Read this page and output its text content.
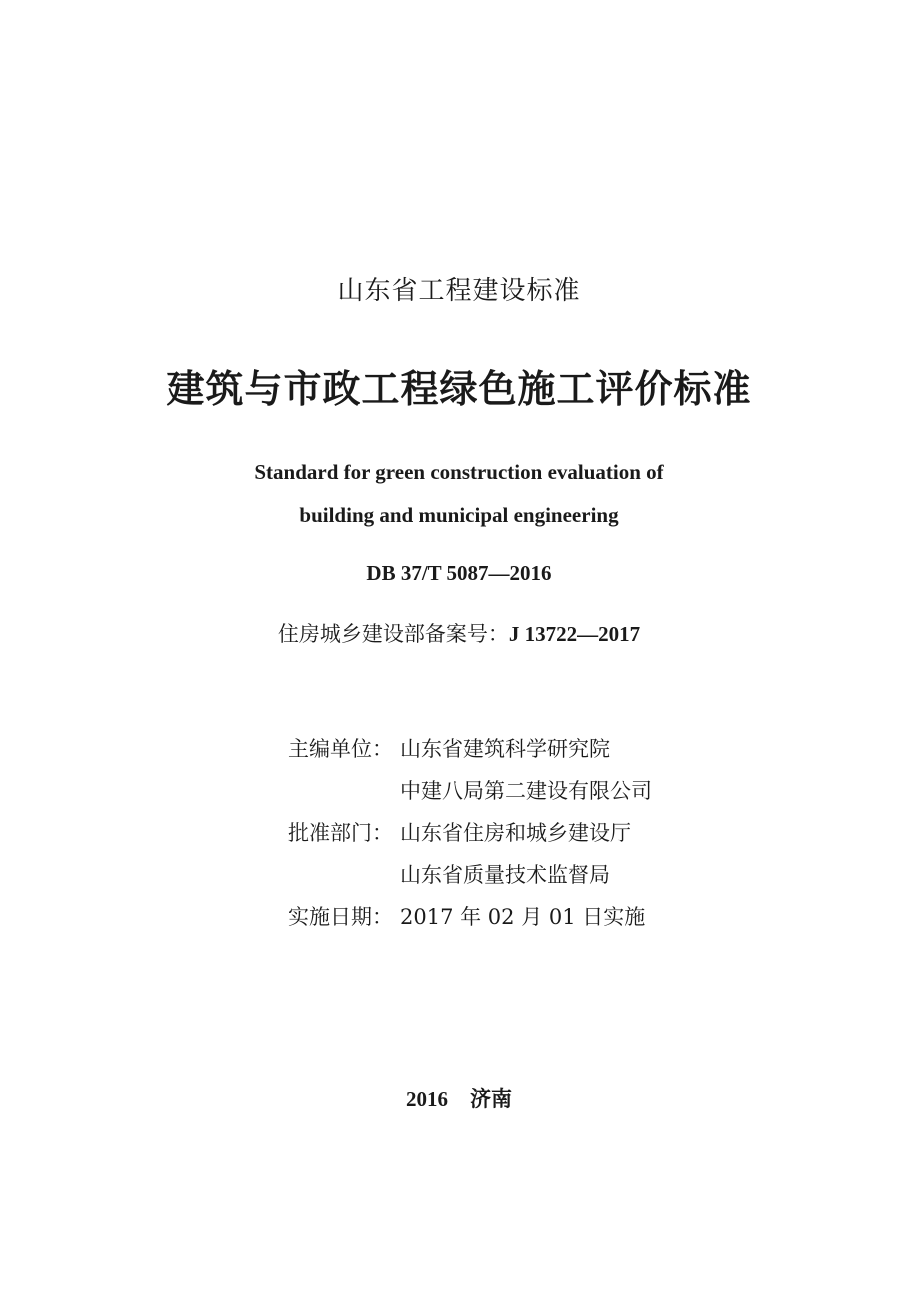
山东省工程建设标准
建筑与市政工程绿色施工评价标准
Standard for green construction evaluation of
building and municipal engineering
DB 37/T 5087—2016
住房城乡建设部备案号：J 13722—2017
主编单位： 山东省建筑科学研究院
中建八局第二建设有限公司
批准部门： 山东省住房和城乡建设厅
山东省质量技术监督局
实施日期： 2017 年 02 月 01 日实施
2016 济南
